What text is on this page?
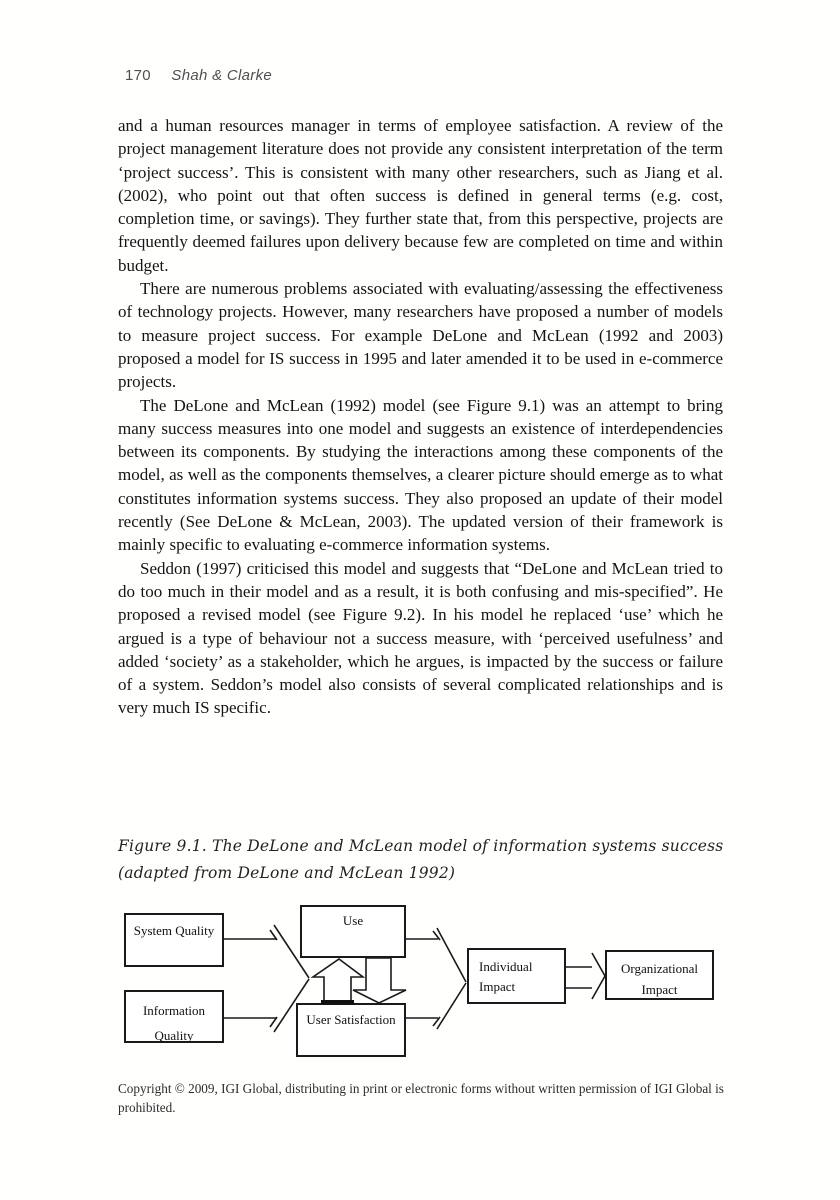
170 Shah & Clarke

and a human resources manager in terms of employee satisfaction. A review of the project management literature does not provide any consistent interpretation of the term ‘project success’. This is consistent with many other researchers, such as Jiang et al. (2002), who point out that often success is defined in general terms (e.g. cost, completion time, or savings). They further state that, from this perspective, projects are frequently deemed failures upon delivery because few are completed on time and within budget.

There are numerous problems associated with evaluating/assessing the effectiveness of technology projects. However, many researchers have proposed a number of models to measure project success. For example DeLone and McLean (1992 and 2003) proposed a model for IS success in 1995 and later amended it to be used in e-commerce projects.

The DeLone and McLean (1992) model (see Figure 9.1) was an attempt to bring many success measures into one model and suggests an existence of interdependencies between its components. By studying the interactions among these components of the model, as well as the components themselves, a clearer picture should emerge as to what constitutes information systems success. They also proposed an update of their model recently (See DeLone & McLean, 2003). The updated version of their framework is mainly specific to evaluating e-commerce information systems.

Seddon (1997) criticised this model and suggests that “DeLone and McLean tried to do too much in their model and as a result, it is both confusing and mis-specified”. He proposed a revised model (see Figure 9.2). In his model he replaced ‘use’ which he argued is a type of behaviour not a success measure, with ‘perceived usefulness’ and added ‘society’ as a stakeholder, which he argues, is impacted by the success or failure of a system. Seddon’s model also consists of several complicated relationships and is very much IS specific.

Figure 9.1. The DeLone and McLean model of information systems success (adapted from DeLone and McLean 1992)
System Quality
Information
Quality
Use
User Satisfaction
Individual
Impact
Organizational
Impact
Copyright © 2009, IGI Global, distributing in print or electronic forms without written permission of IGI Global is prohibited.
